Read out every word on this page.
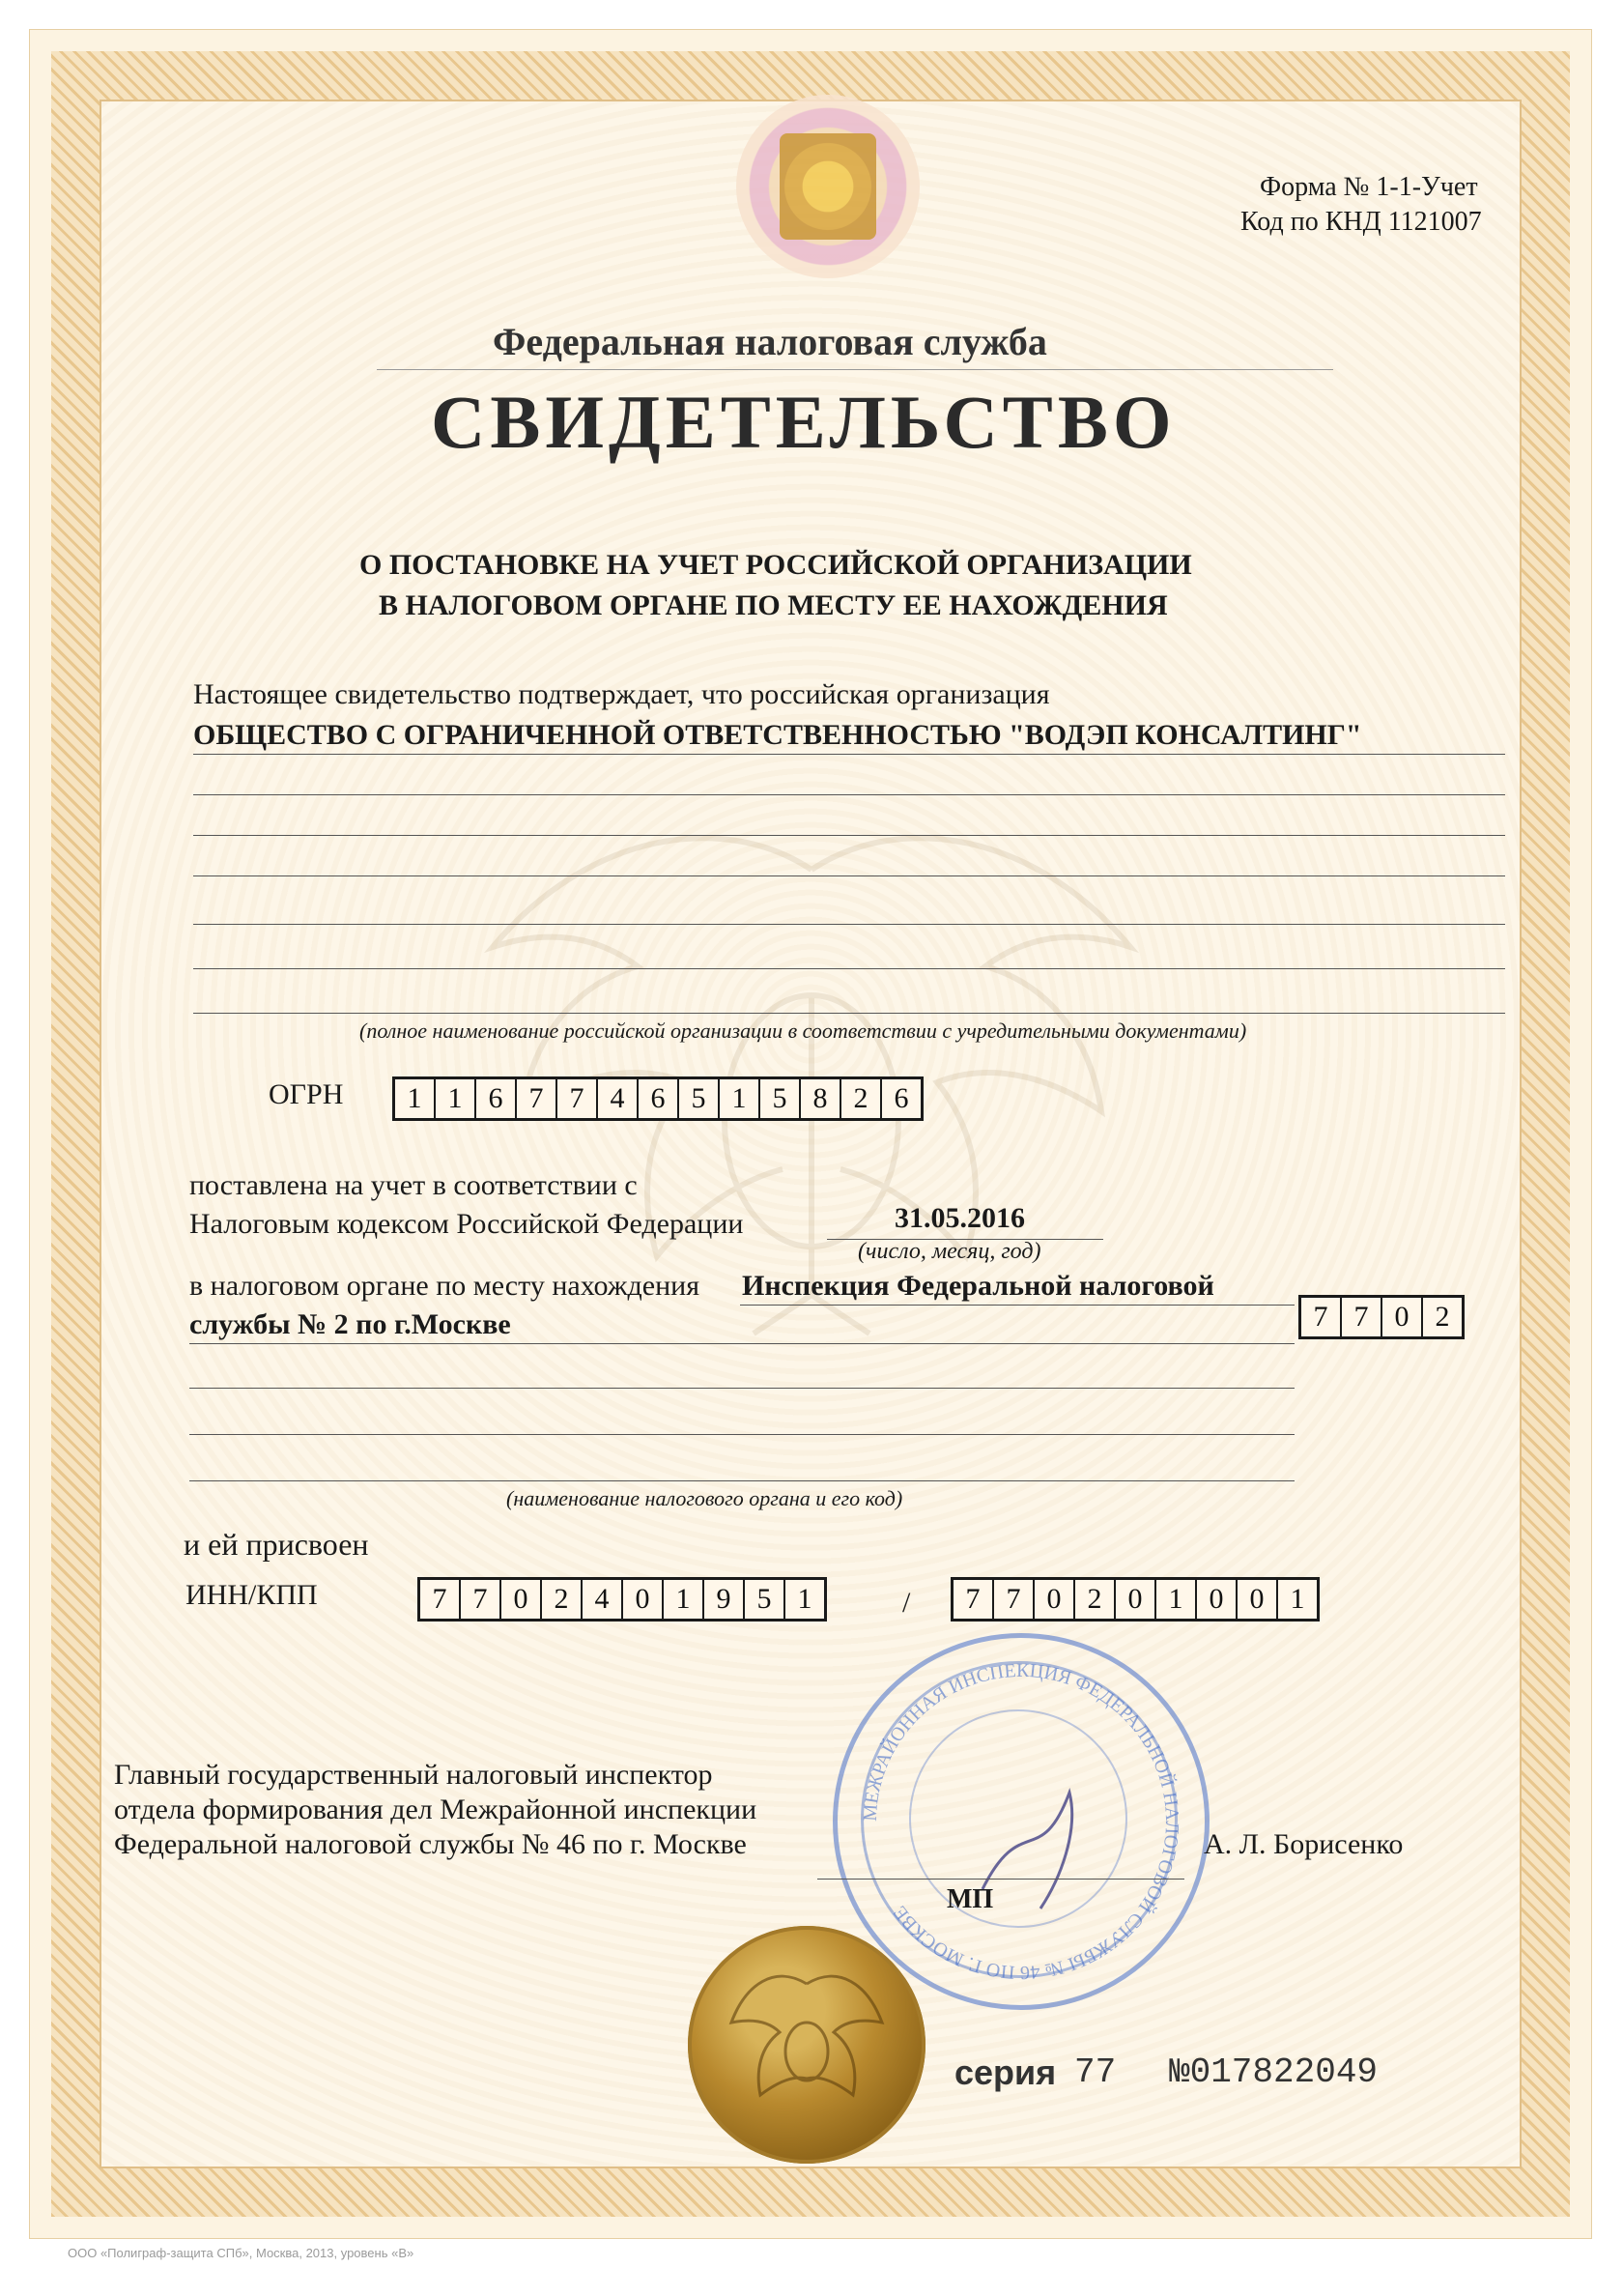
Форма № 1-1-Учет
Код по КНД 1121007
Федеральная налоговая служба
СВИДЕТЕЛЬСТВО
О ПОСТАНОВКЕ НА УЧЕТ РОССИЙСКОЙ ОРГАНИЗАЦИИ
В НАЛОГОВОМ ОРГАНЕ ПО МЕСТУ ЕЕ НАХОЖДЕНИЯ
Настоящее свидетельство подтверждает, что российская организация
ОБЩЕСТВО С ОГРАНИЧЕННОЙ ОТВЕТСТВЕННОСТЬЮ "ВОДЭП КОНСАЛТИНГ"
(полное наименование российской организации в соответствии с учредительными документами)
ОГРН	1 1 6 7 7 4 6 5 1 5 8 2 6
поставлена на учет в соответствии с
Налоговым кодексом Российской Федерации	31.05.2016
(число, месяц, год)
в налоговом органе по месту нахождения Инспекция Федеральной налоговой
службы № 2 по г.Москве	7 7 0 2
(наименование налогового органа и его код)
и ей присвоен
ИНН/КПП	7 7 0 2 4 0 1 9 5 1	/	7 7 0 2 0 1 0 0 1
МЕЖРАЙОННАЯ ИНСПЕКЦИЯ ФЕДЕРАЛЬНОЙ НАЛОГОВОЙ СЛУЖБЫ № 46 ПО Г. МОСКВЕ
Главный государственный налоговый инспектор
отдела формирования дел Межрайонной инспекции
Федеральной налоговой службы № 46 по г. Москве	А. Л. Борисенко
МП
серия 77 №017822049
ООО «Полиграф-защита СПб», Москва, 2013, уровень «В»
